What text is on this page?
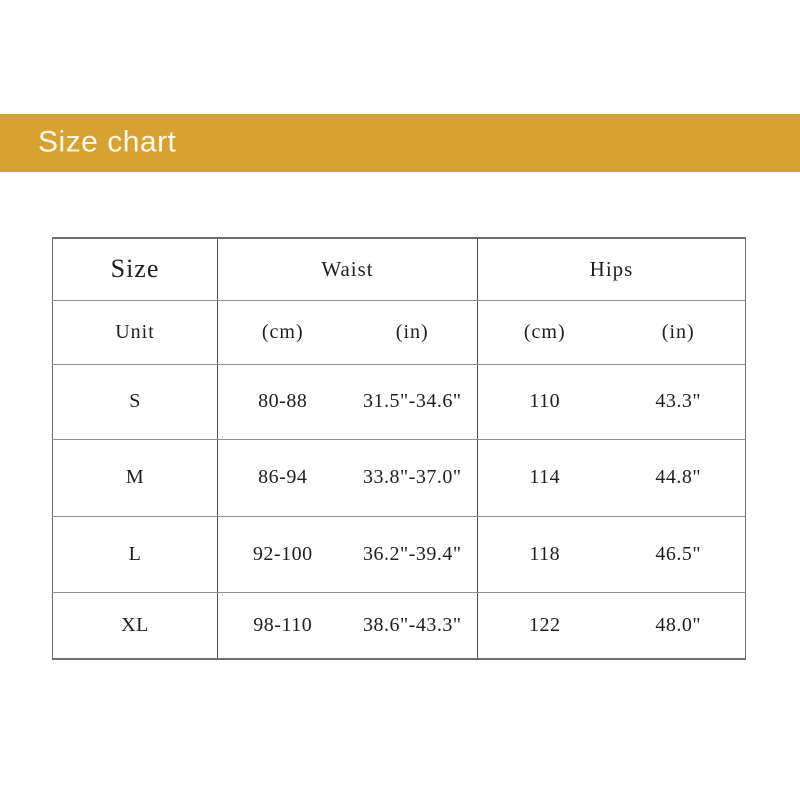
Size chart
Size	Waist		Hips	
Unit	(cm)	(in)	(cm)	(in)
S	80-88	31.5"-34.6"	110	43.3"
M	86-94	33.8"-37.0"	114	44.8"
L	92-100	36.2"-39.4"	118	46.5"
XL	98-110	38.6"-43.3"	122	48.0"
